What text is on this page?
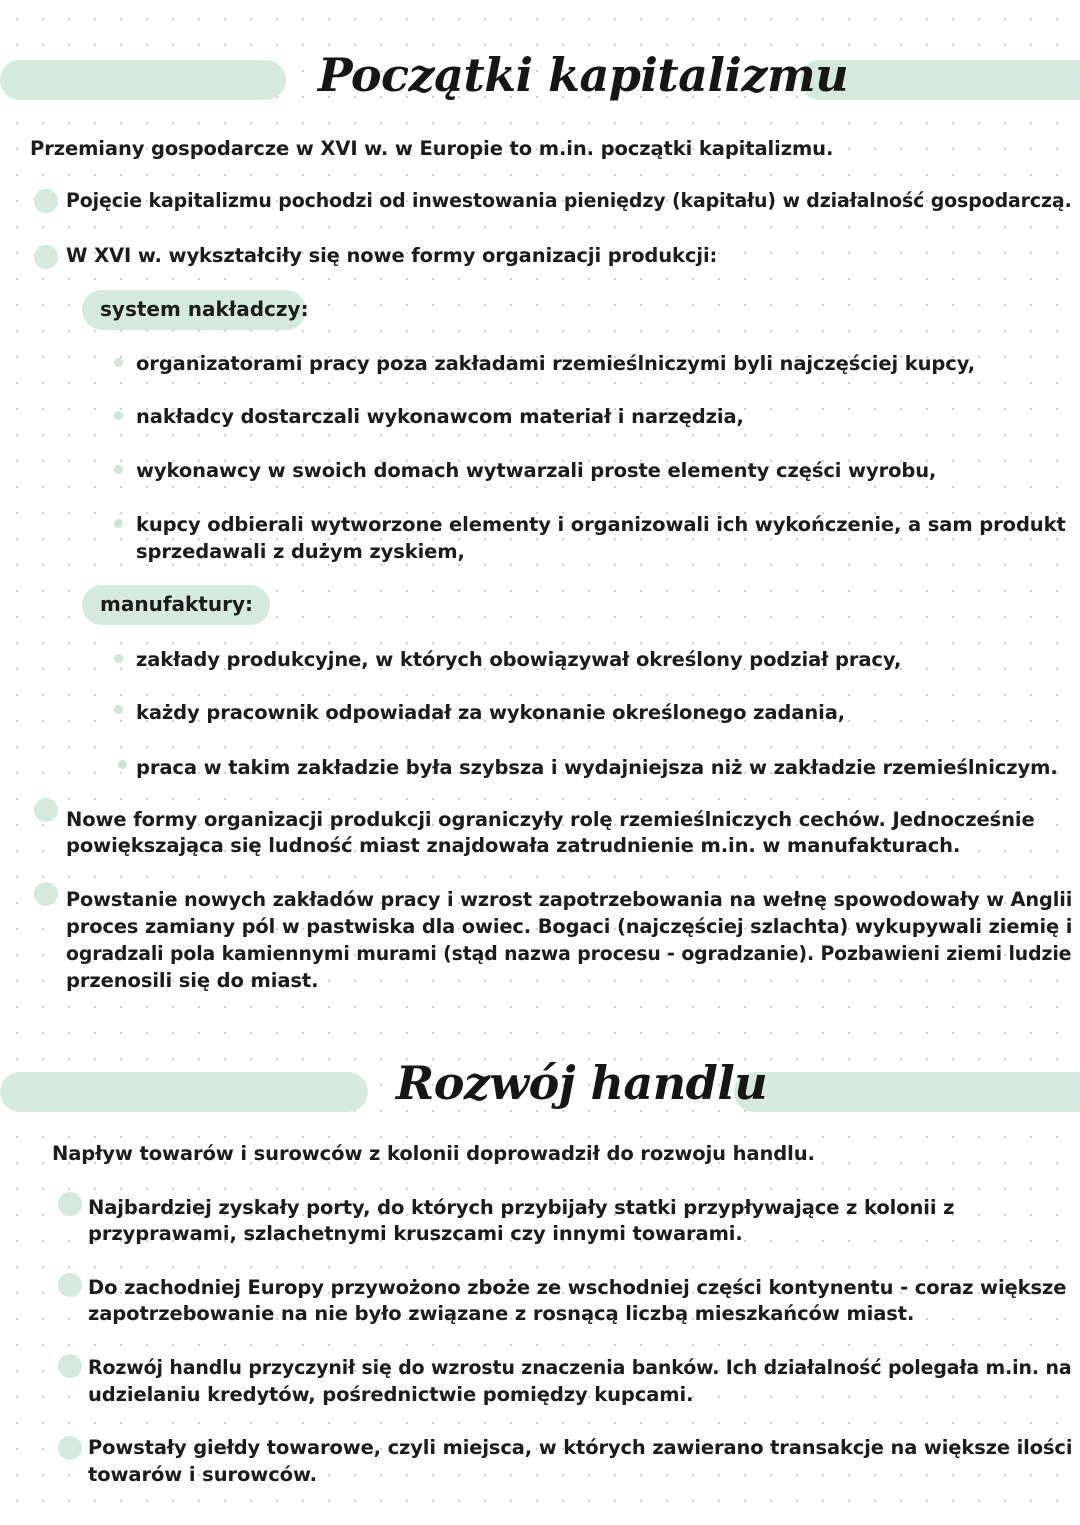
Początki kapitalizmu
Przemiany gospodarcze w XVI w. w Europie to m.in. początki kapitalizmu.
Pojęcie kapitalizmu pochodzi od inwestowania pieniędzy (kapitału) w działalność gospodarczą.
W XVI w. wykształciły się nowe formy organizacji produkcji:
system nakładczy:
organizatorami pracy poza zakładami rzemieślniczymi byli najczęściej kupcy,
nakładcy dostarczali wykonawcom materiał i narzędzia,
wykonawcy w swoich domach wytwarzali proste elementy części wyrobu,
kupcy odbierali wytworzone elementy i organizowali ich wykończenie, a sam produkt
sprzedawali z dużym zyskiem,
manufaktury:
zakłady produkcyjne, w których obowiązywał określony podział pracy,
każdy pracownik odpowiadał za wykonanie określonego zadania,
praca w takim zakładzie była szybsza i wydajniejsza niż w zakładzie rzemieślniczym.
Nowe formy organizacji produkcji ograniczyły rolę rzemieślniczych cechów. Jednocześnie
powiększająca się ludność miast znajdowała zatrudnienie m.in. w manufakturach.
Powstanie nowych zakładów pracy i wzrost zapotrzebowania na wełnę spowodowały w Anglii
proces zamiany pól w pastwiska dla owiec. Bogaci (najczęściej szlachta) wykupywali ziemię i
ogradzali pola kamiennymi murami (stąd nazwa procesu - ogradzanie). Pozbawieni ziemi ludzie
przenosili się do miast.
Rozwój handlu
Napływ towarów i surowców z kolonii doprowadził do rozwoju handlu.
Najbardziej zyskały porty, do których przybijały statki przypływające z kolonii z
przyprawami, szlachetnymi kruszcami czy innymi towarami.
Do zachodniej Europy przywożono zboże ze wschodniej części kontynentu - coraz większe
zapotrzebowanie na nie było związane z rosnącą liczbą mieszkańców miast.
Rozwój handlu przyczynił się do wzrostu znaczenia banków. Ich działalność polegała m.in. na
udzielaniu kredytów, pośrednictwie pomiędzy kupcami.
Powstały giełdy towarowe, czyli miejsca, w których zawierano transakcje na większe ilości
towarów i surowców.
